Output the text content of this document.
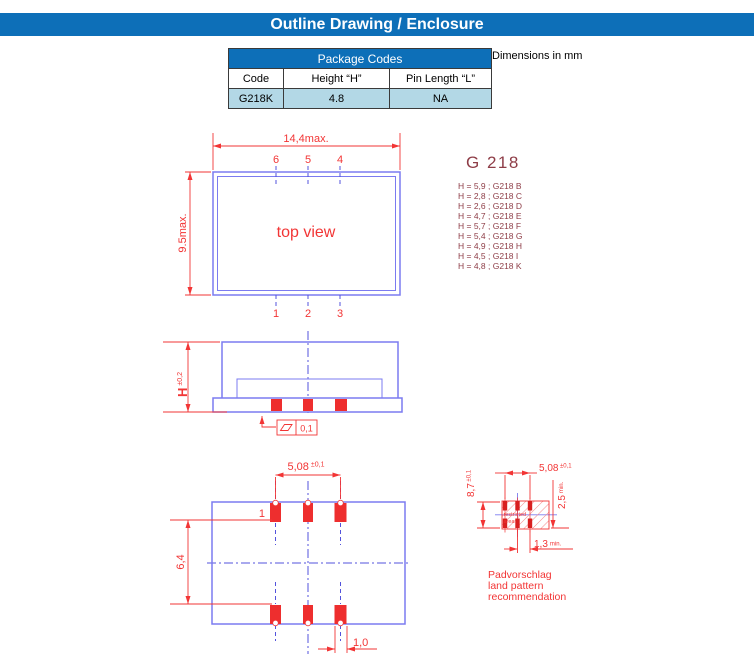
14,4max.
9.5max.
6 5 4
1 2 3
top view
G 218
H = 5,9 ; G218 B
H = 2,8 ; G218 C
H = 2,6 ; G218 D
H = 4,7 ; G218 E
H = 5,7 ; G218 F
H = 5,4 ; G218 G
H = 4,9 ; G218 H
H = 4,5 ; G218 I
H = 4,8 ; G218 K
$H^{\pm 0,2}$
0,1
1
5,08 $^{\pm 0,1}$
6,4
1,0
restricted
area
$8,7^{\pm 0,1}$
5,08 $^{\pm 0,1}$
2,5min.
1,3 min.
Padvorschlag
land pattern
recommendation
Outline Drawing / Enclosure
Package Codes		
Code	Height “H”	Pin Length “L”
G218K	4.8	NA
Dimensions in mm
